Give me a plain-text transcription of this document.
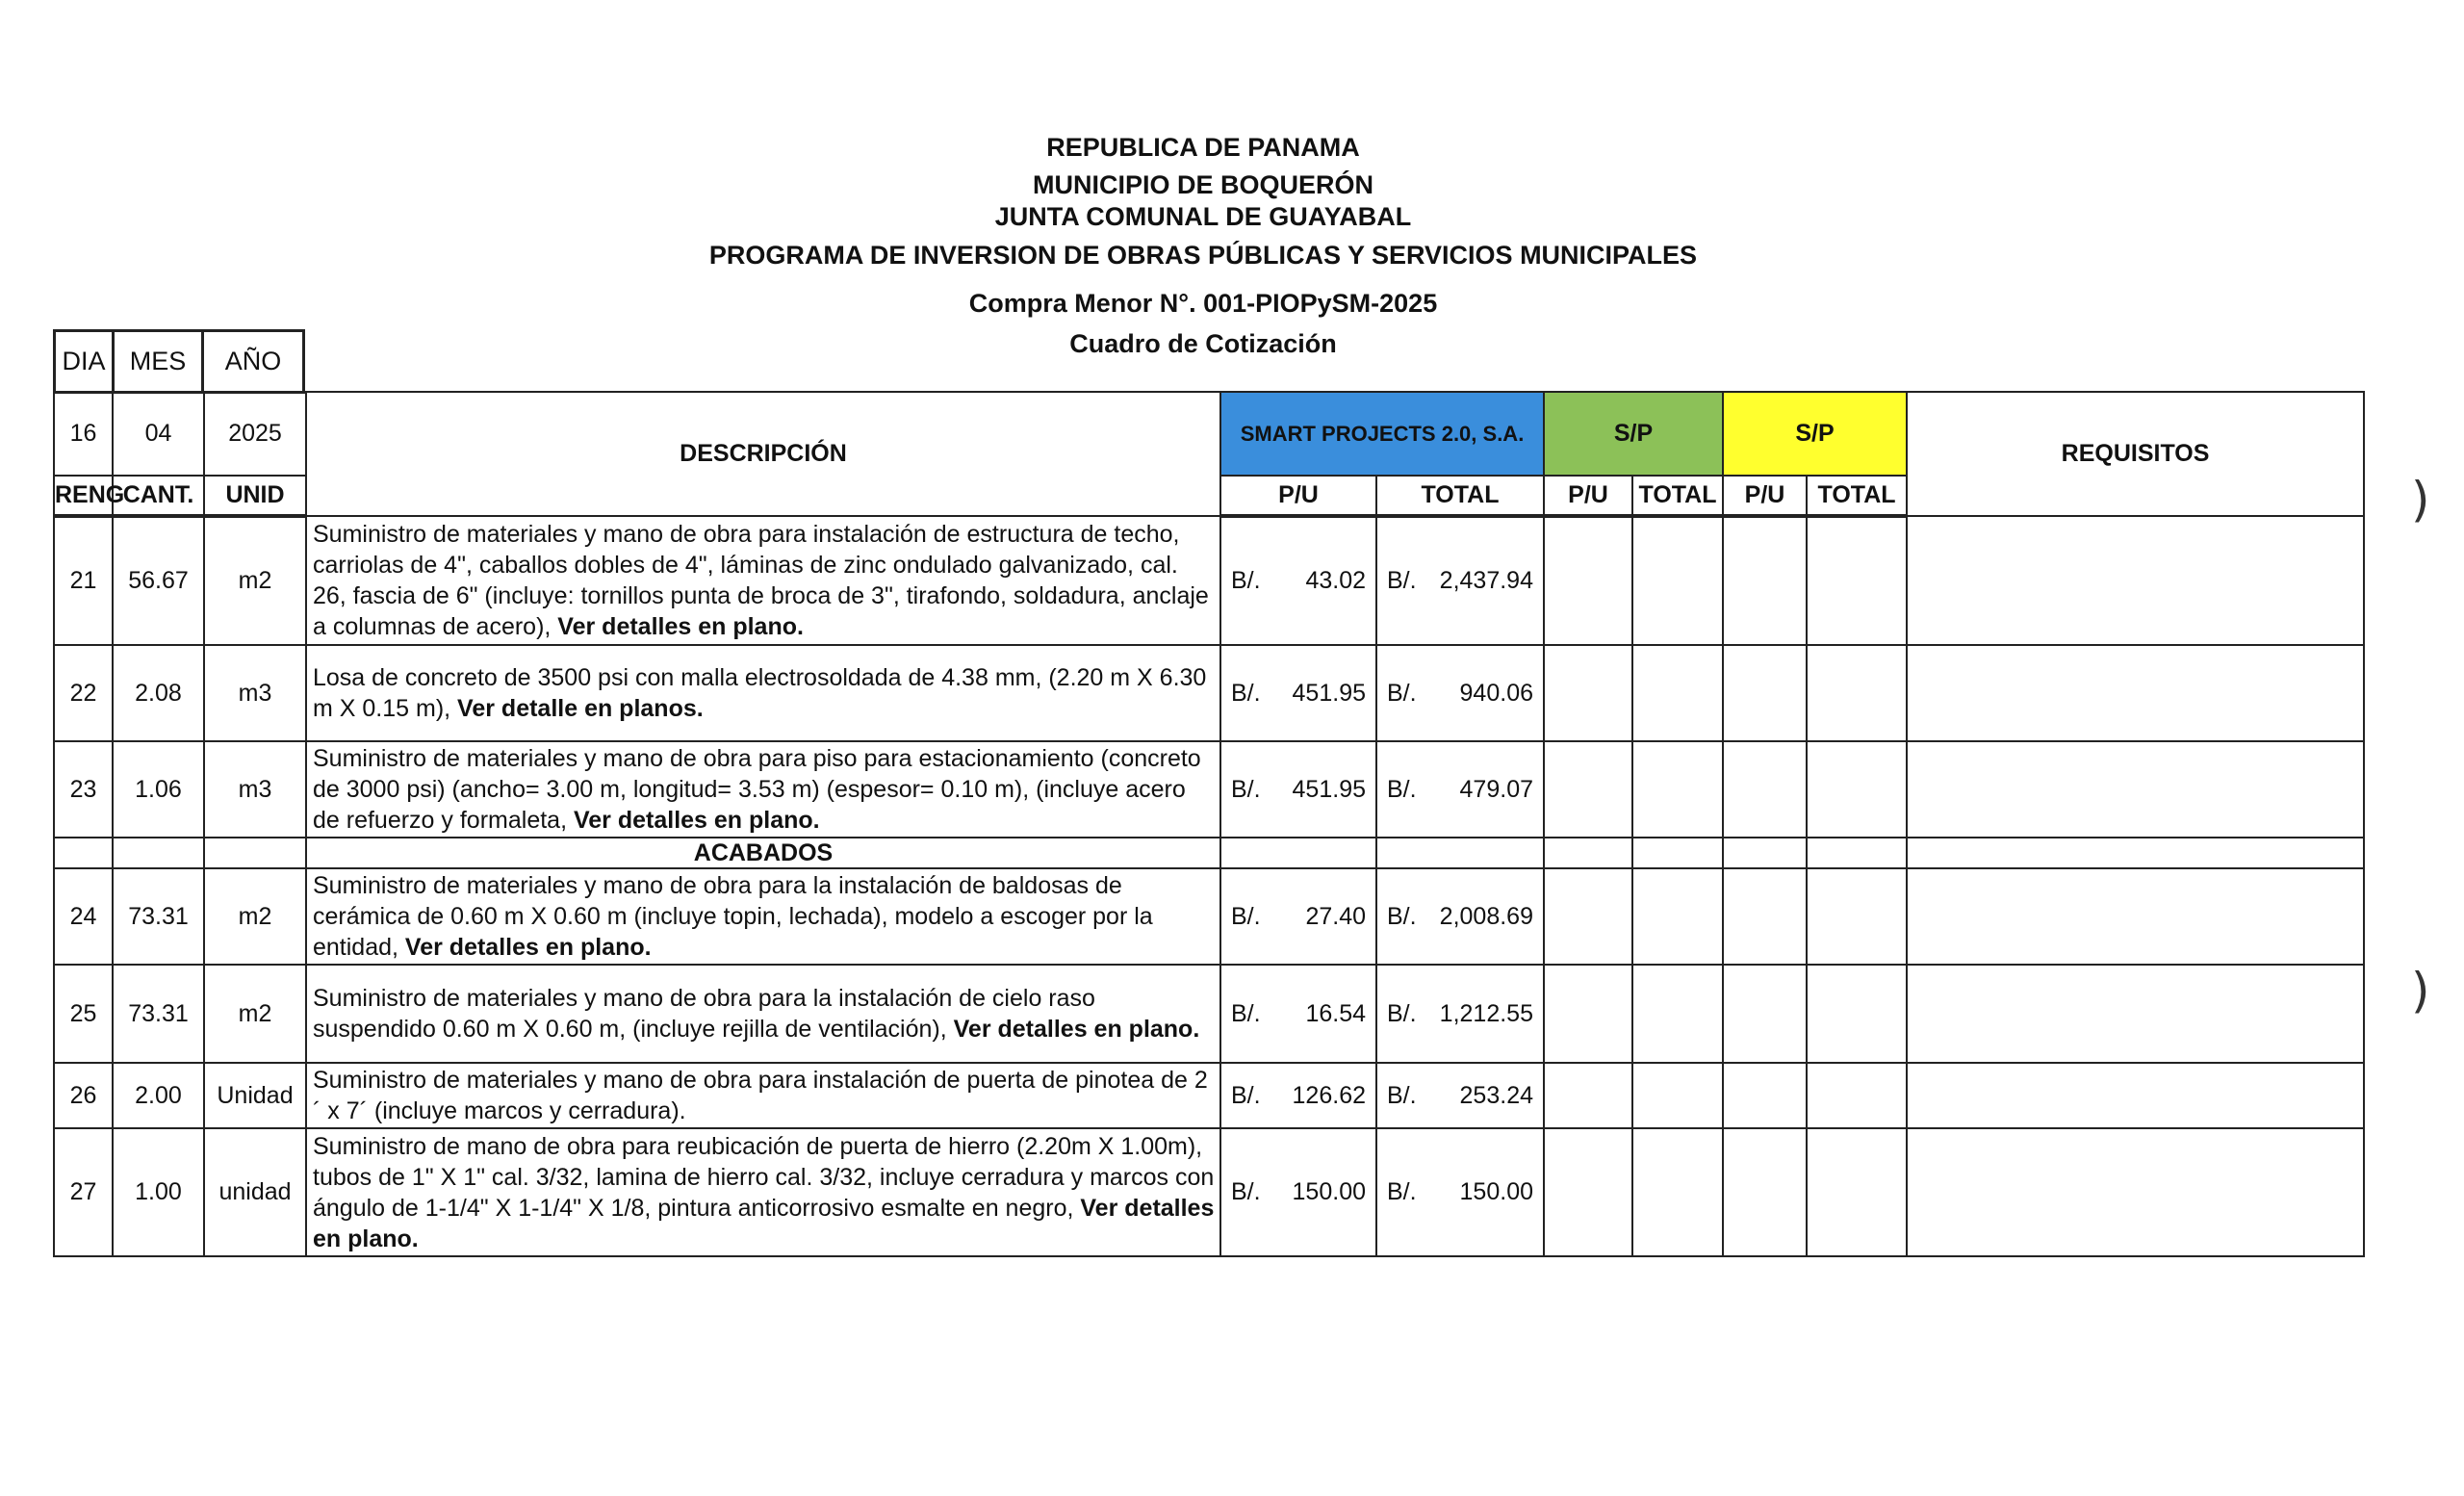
REPUBLICA DE PANAMA
MUNICIPIO DE BOQUERÓN
JUNTA COMUNAL DE GUAYABAL
PROGRAMA DE INVERSION DE OBRAS PÚBLICAS Y SERVICIOS MUNICIPALES
Compra Menor N°. 001-PIOPySM-2025
Cuadro de Cotización
DIA	MES	AÑO
16	04	2025	DESCRIPCIÓN	SMART PROJECTS 2.0, S.A.		S/P		S/P		REQUISITOS
RENG	CANT.	UNID		P/U	TOTAL	P/U	TOTAL	P/U	TOTAL	
21	56.67	m2	Suministro de materiales y mano de obra para instalación de estructura de techo, carriolas de 4", caballos dobles de 4", láminas de zinc ondulado galvanizado, cal. 26, fascia de 6" (incluye: tornillos punta de broca de 3", tirafondo, soldadura, anclaje a columnas de acero), Ver detalles en plano.	B/. 43.02	B/. 2,437.94					

22	2.08	m3	Losa de concreto de 3500 psi con malla electrosoldada de 4.38 mm, (2.20 m X 6.30 m X 0.15 m), Ver detalle en planos.	B/. 451.95	B/. 940.06					

23	1.06	m3	Suministro de materiales y mano de obra para piso para estacionamiento (concreto de 3000 psi) (ancho= 3.00 m, longitud= 3.53 m) (espesor= 0.10 m), (incluye acero de refuerzo y formaleta, Ver detalles en plano.	B/. 451.95	B/. 479.07					

			ACABADOS							
24	73.31	m2	Suministro de materiales y mano de obra para la instalación de baldosas de cerámica de 0.60 m X 0.60 m (incluye topin, lechada), modelo a escoger por la entidad, Ver detalles en plano.	B/. 27.40	B/. 2,008.69					

25	73.31	m2	Suministro de materiales y mano de obra para la instalación de cielo raso suspendido 0.60 m X 0.60 m, (incluye rejilla de ventilación), Ver detalles en plano.	B/. 16.54	B/. 1,212.55					

26	2.00	Unidad	Suministro de materiales y mano de obra para instalación de puerta de pinotea de 2´ x 7´ (incluye marcos y cerradura).	B/. 126.62	B/. 253.24					

27	1.00	unidad	Suministro de mano de obra para reubicación de puerta de hierro (2.20m X 1.00m), tubos de 1" X 1" cal. 3/32, lamina de hierro cal. 3/32, incluye cerradura y marcos con ángulo de 1-1/4" X 1-1/4" X 1/8, pintura anticorrosivo esmalte en negro, Ver detalles en plano.	B/. 150.00	B/. 150.00					

)
)
